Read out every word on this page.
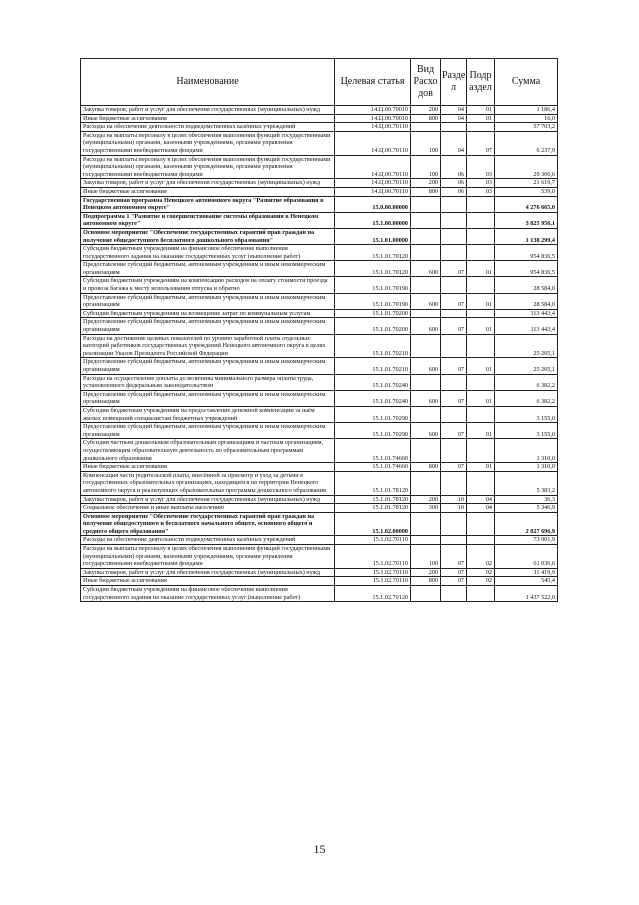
Наименование	Целевая статья	Вид Расхо дов	Разде л	Подр аздел	Сумма
Закупка товаров, работ и услуг для обеспечения государственных (муниципальных) нужд	14.Ц.00.70010	200	04	01	1 186,4
Иные бюджетные ассигнования	14.Ц.00.70010	800	04	01	16,0
Расходы на обеспечение деятельности подведомственных казённых учреждений	14.Ц.00.70110				57 703,2
Расходы на выплаты персоналу в целях обеспечения выполнения функций государственными (муниципальными) органами, казенными учреждениями, органами управления государственными внебюджетными фондами	14.Ц.00.70110	100	04	07	6 237,9
Расходы на выплаты персоналу в целях обеспечения выполнения функций государственными (муниципальными) органами, казенными учреждениями, органами управления государственными внебюджетными фондами	14.Ц.00.70110	100	06	03	29 306,6
Закупка товаров, работ и услуг для обеспечения государственных (муниципальных) нужд	14.Ц.00.70110	200	06	03	21 619,7
Иные бюджетные ассигнования	14.Ц.00.70110	800	06	03	539,0
Государственная программа Ненецкого автономного округа "Развитие образования в Ненецком автономном округе"	15.0.00.00000				4 276 665,0
Подпрограмма 1 "Развитие и совершенствование системы образования в Ненецком автономном округе"	15.1.00.00000				3 825 956,1
Основное мероприятие "Обеспечение государственных гарантий прав граждан на получение общедоступного бесплатного дошкольного образования"	15.1.01.00000				1 138 299,4
Субсидии бюджетным учреждениям на финансовое обеспечение выполнения государственного задания на оказание государственных услуг (выполнение работ)	15.1.01.70120				954 836,5
Предоставление субсидий бюджетным, автономным учреждениям и иным некоммерческим организациям	15.1.01.70120	600	07	01	954 836,5
Субсидии бюджетным учреждениям на компенсацию расходов на оплату стоимости проезда и провоза багажа к месту использования отпуска и обратно	15.1.01.70190				28 584,0
Предоставление субсидий бюджетным, автономным учреждениям и иным некоммерческим организациям	15.1.01.70190	600	07	01	28 584,0
Субсидии бюджетным учреждениям на возмещение затрат по коммунальным услугам	15.1.01.70200				113 443,4
Предоставление субсидий бюджетным, автономным учреждениям и иным некоммерческим организациям	15.1.01.70200	600	07	01	113 443,4
Расходы на достижение целевых показателей по уровню заработной платы отдельных категорий работников государственных учреждений Ненецкого автономного округа в целях реализации Указов Президента Российской Федерации	15.1.01.70210				25 205,1
Предоставление субсидий бюджетным, автономным учреждениям и иным некоммерческим организациям	15.1.01.70210	600	07	01	25 205,1
Расходы на осуществление доплаты до величины минимального размера оплаты труда, установленного федеральным законодательством	15.1.01.70240				6 382,2
Предоставление субсидий бюджетным, автономным учреждениям и иным некоммерческим организациям	15.1.01.70240	600	07	01	6 382,2
Субсидии бюджетным учреждениям на предоставление денежной компенсации за наём жилых помещений специалистам бюджетных учреждений	15.1.01.70290				3 155,0
Предоставление субсидий бюджетным, автономным учреждениям и иным некоммерческим организациям	15.1.01.70290	600	07	01	3 155,0
Субсидии частным дошкольным образовательным организациям и частным организациям, осуществляющим образовательную деятельность по образовательным программам дошкольного образования	15.1.01.74660				1 310,0
Иные бюджетные ассигнования	15.1.01.74660	800	07	01	1 310,0
Компенсация части родительской платы, внесённой за присмотр и уход за детьми в государственных образовательных организациях, находящихся на территории Ненецкого автономного округа и реализующих образовательные программы дошкольного образования	15.1.01.78120				5 383,2
Закупка товаров, работ и услуг для обеспечения государственных (муниципальных) нужд	15.1.01.78120	200	10	04	36,3
Социальное обеспечение и иные выплаты населению	15.1.01.78120	300	10	04	5 346,9
Основное мероприятие "Обеспечение государственных гарантий прав граждан на получение общедоступного и бесплатного начального общего, основного общего и среднего общего образования"	15.1.02.00000				2 027 696,9
Расходы на обеспечение деятельности подведомственных казённых учреждений	15.1.02.70110				73 001,9
Расходы на выплаты персоналу в целях обеспечения выполнения функций государственными (муниципальными) органами, казенными учреждениями, органами управления государственными внебюджетными фондами	15.1.02.70110	100	07	02	61 036,6
Закупка товаров, работ и услуг для обеспечения государственных (муниципальных) нужд	15.1.02.70110	200	07	02	11 419,9
Иные бюджетные ассигнования	15.1.02.70110	800	07	02	545,4
Субсидии бюджетным учреждениям на финансовое обеспечение выполнения государственного задания на оказание государственных услуг (выполнение работ)	15.1.02.70120				1 437 522,0
15
